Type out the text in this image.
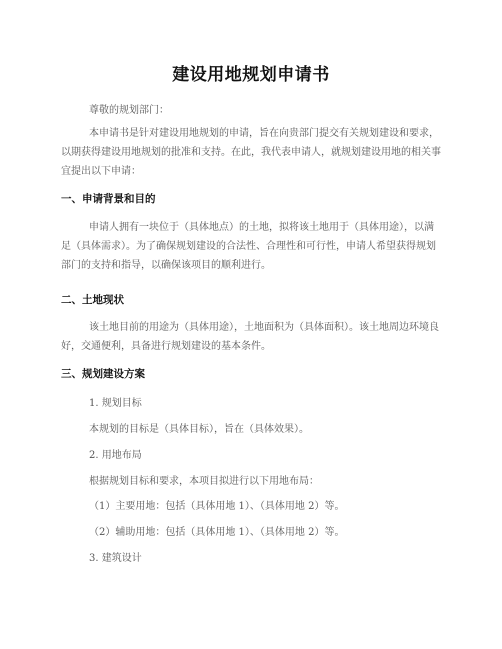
建设用地规划申请书
尊敬的规划部门：
本申请书是针对建设用地规划的申请，旨在向贵部门提交有关规划建设和要求，以期获得建设用地规划的批准和支持。在此，我代表申请人，就规划建设用地的相关事宜提出以下申请：
一、申请背景和目的
申请人拥有一块位于（具体地点）的土地，拟将该土地用于（具体用途），以满足（具体需求）。为了确保规划建设的合法性、合理性和可行性，申请人希望获得规划部门的支持和指导，以确保该项目的顺利进行。
二、土地现状
该土地目前的用途为（具体用途），土地面积为（具体面积）。该土地周边环境良好，交通便利，具备进行规划建设的基本条件。
三、规划建设方案
1. 规划目标
本规划的目标是（具体目标），旨在（具体效果）。
2. 用地布局
根据规划目标和要求，本项目拟进行以下用地布局：
（1）主要用地：包括（具体用地 1）、（具体用地 2）等。
（2）辅助用地：包括（具体用地 1）、（具体用地 2）等。
3. 建筑设计
